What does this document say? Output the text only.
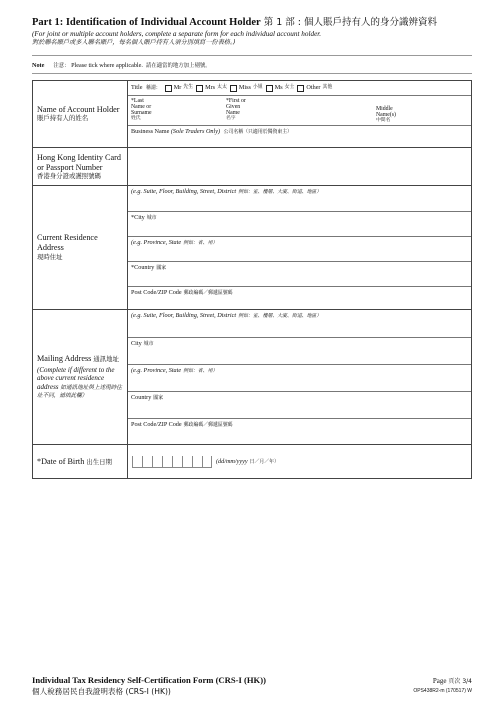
Part 1: Identification of Individual Account Holder 第 1 部 : 個人賬戶持有人的身分識辨資料
(For joint or multiple account holders, complete a separate form for each individual account holder.
對於聯名賬戶或多人聯名賬戶，每名個人賬戶持有人須分別填寫一份表格。)
Note 注意： Please tick where applicable. 請在適當的地方加上剔號。
Name of Account Holder
賬戶持有人的姓名
Title 稱謂： Mr 先生 Mrs 太太 Miss 小姐 Ms 女士 Other 其他
*Last
Name or
Surname
姓氏
*First or
Given
Name
名字
Middle
Name(s)
中間名
Business Name (Sole Traders Only) 公司名稱（只適用於獨資東主）
Hong Kong Identity Card or Passport Number
香港身分證或護照號碼
Current Residence Address
現時住址
(e.g. Suite, Floor, Building, Street, District 例如：室、樓層、大廈、街道、地區）
*City 城市
(e.g. Province, State 例如：省、州）
*Country 國家
Post Code/ZIP Code 郵政編碼／郵遞區號碼
Mailing Address 通訊地址
(Complete if different to the above current residence address 如通訊地址與上述現時住址不同，請填此欄）
(e.g. Suite, Floor, Building, Street, District 例如：室、樓層、大廈、街道、地區）
City 城市
(e.g. Province, State 例如：省、州）
Country 國家
Post Code/ZIP Code 郵政編碼／郵遞區號碼
*Date of Birth 出生日期	(dd/mm/yyyy 日／月／年）
Individual Tax Residency Self-Certification Form (CRS-I (HK))
個人稅務居民自我證明表格 (CRS-I (HK))
Page 頁次 3/4
OPS438R2-m (170517) W
